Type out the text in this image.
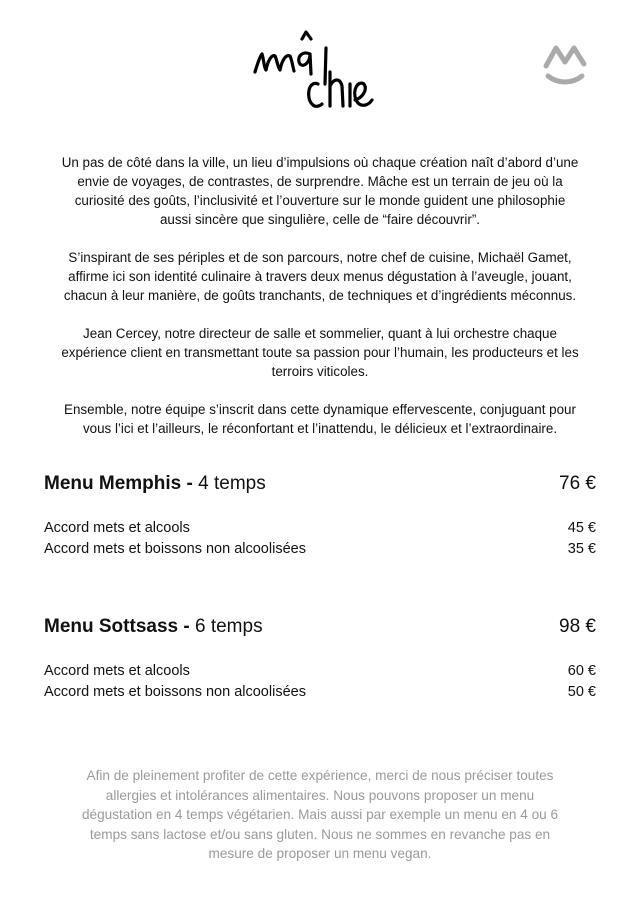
Un pas de côté dans la ville, un lieu d’impulsions où chaque création naît d’abord d’une
envie de voyages, de contrastes, de surprendre. Mâche est un terrain de jeu où la
curiosité des goûts, l’inclusivité et l’ouverture sur le monde guident une philosophie
aussi sincère que singulière, celle de “faire découvrir”.
S’inspirant de ses périples et de son parcours, notre chef de cuisine, Michaël Gamet,
affirme ici son identité culinaire à travers deux menus dégustation à l’aveugle, jouant,
chacun à leur manière, de goûts tranchants, de techniques et d’ingrédients méconnus.
Jean Cercey, notre directeur de salle et sommelier, quant à lui orchestre chaque
expérience client en transmettant toute sa passion pour l’humain, les producteurs et les
terroirs viticoles.
Ensemble, notre équipe s’inscrit dans cette dynamique effervescente, conjuguant pour
vous l’ici et l’ailleurs, le réconfortant et l’inattendu, le délicieux et l’extraordinaire.
Menu Memphis - 4 temps	76 €
Accord mets et alcools	45 €
Accord mets et boissons non alcoolisées	35 €
Menu Sottsass - 6 temps	98 €
Accord mets et alcools	60 €
Accord mets et boissons non alcoolisées	50 €
Afin de pleinement profiter de cette expérience, merci de nous préciser toutes
allergies et intolérances alimentaires. Nous pouvons proposer un menu
dégustation en 4 temps végétarien. Mais aussi par exemple un menu en 4 ou 6
temps sans lactose et/ou sans gluten. Nous ne sommes en revanche pas en
mesure de proposer un menu vegan.
